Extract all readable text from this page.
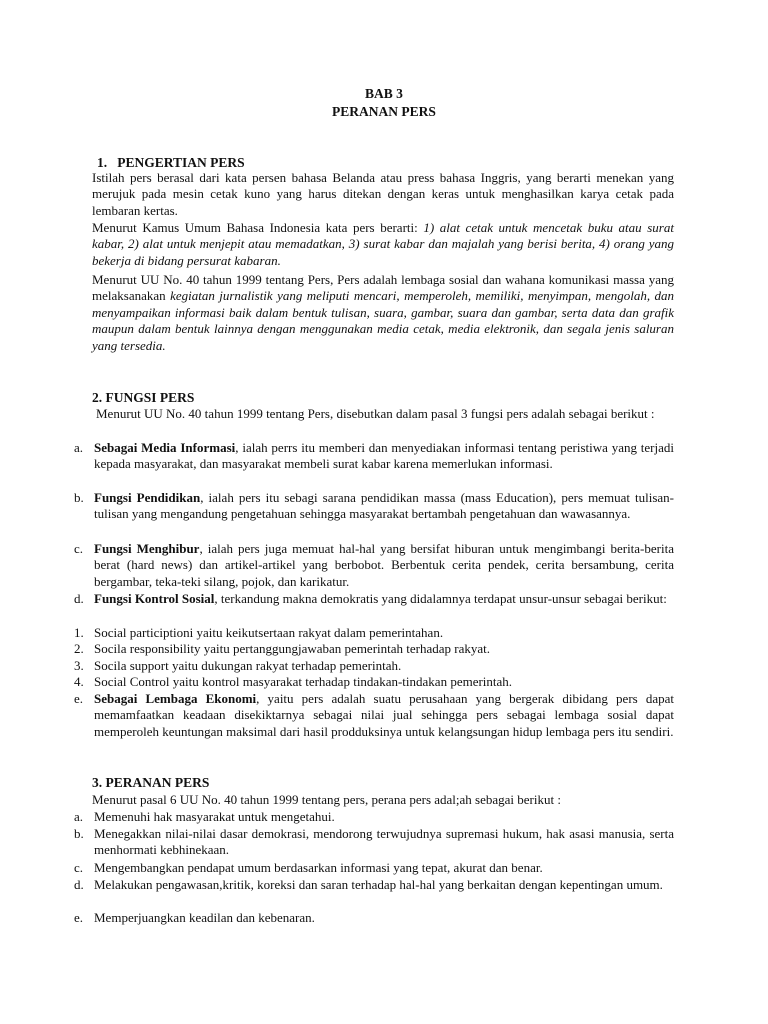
BAB 3
PERANAN PERS
1. PENGERTIAN PERS
Istilah pers berasal dari kata persen bahasa Belanda atau press bahasa Inggris, yang berarti menekan yang merujuk pada mesin cetak kuno yang harus ditekan dengan keras untuk menghasilkan karya cetak pada lembaran kertas.
Menurut Kamus Umum Bahasa Indonesia kata pers berarti: 1) alat cetak untuk mencetak buku atau surat kabar, 2) alat untuk menjepit atau memadatkan, 3) surat kabar dan majalah yang berisi berita, 4) orang yang bekerja di bidang persurat kabaran.
Menurut UU No. 40 tahun 1999 tentang Pers, Pers adalah lembaga sosial dan wahana komunikasi massa yang melaksanakan kegiatan jurnalistik yang meliputi mencari, memperoleh, memiliki, menyimpan, mengolah, dan menyampaikan informasi baik dalam bentuk tulisan, suara, gambar, suara dan gambar, serta data dan grafik maupun dalam bentuk lainnya dengan menggunakan media cetak, media elektronik, dan segala jenis saluran yang tersedia.
2. FUNGSI PERS
Menurut UU No. 40 tahun 1999 tentang Pers, disebutkan dalam pasal 3 fungsi pers adalah sebagai berikut :
a. Sebagai Media Informasi, ialah perrs itu memberi dan menyediakan informasi tentang peristiwa yang terjadi kepada masyarakat, dan masyarakat membeli surat kabar karena memerlukan informasi.
b. Fungsi Pendidikan, ialah pers itu sebagi sarana pendidikan massa (mass Education), pers memuat tulisan-tulisan yang mengandung pengetahuan sehingga masyarakat bertambah pengetahuan dan wawasannya.
c. Fungsi Menghibur, ialah pers juga memuat hal-hal yang bersifat hiburan untuk mengimbangi berita-berita berat (hard news) dan artikel-artikel yang berbobot. Berbentuk cerita pendek, cerita bersambung, cerita bergambar, teka-teki silang, pojok, dan karikatur.
d. Fungsi Kontrol Sosial, terkandung makna demokratis yang didalamnya terdapat unsur-unsur sebagai berikut:
1. Social participtioni yaitu keikutsertaan rakyat dalam pemerintahan.
2. Socila responsibility yaitu pertanggungjawaban pemerintah terhadap rakyat.
3. Socila support yaitu dukungan rakyat terhadap pemerintah.
4. Social Control yaitu kontrol masyarakat terhadap tindakan-tindakan pemerintah.
e. Sebagai Lembaga Ekonomi, yaitu pers adalah suatu perusahaan yang bergerak dibidang pers dapat memamfaatkan keadaan disekiktarnya sebagai nilai jual sehingga pers sebagai lembaga sosial dapat memperoleh keuntungan maksimal dari hasil prodduksinya untuk kelangsungan hidup lembaga pers itu sendiri.
3. PERANAN PERS
Menurut pasal 6 UU No. 40 tahun 1999 tentang pers, perana pers adal;ah sebagai berikut :
a. Memenuhi hak masyarakat untuk mengetahui.
b. Menegakkan nilai-nilai dasar demokrasi, mendorong terwujudnya supremasi hukum, hak asasi manusia, serta menhormati kebhinekaan.
c. Mengembangkan pendapat umum berdasarkan informasi yang tepat, akurat dan benar.
d. Melakukan pengawasan,kritik, koreksi dan saran terhadap hal-hal yang berkaitan dengan kepentingan umum.
e. Memperjuangkan keadilan dan kebenaran.
